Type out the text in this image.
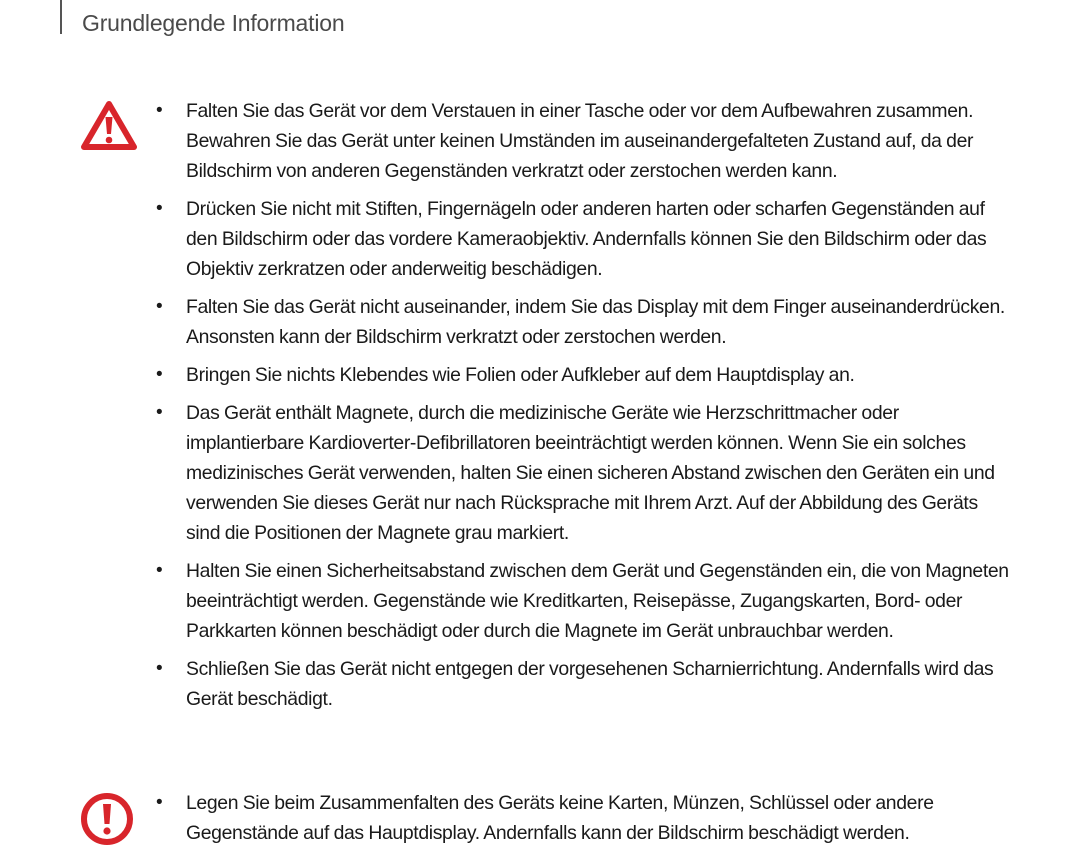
Grundlegende Information
• Falten Sie das Gerät vor dem Verstauen in einer Tasche oder vor dem Aufbewahren zusammen. Bewahren Sie das Gerät unter keinen Umständen im auseinandergefalteten Zustand auf, da der Bildschirm von anderen Gegenständen verkratzt oder zerstochen werden kann.
• Drücken Sie nicht mit Stiften, Fingernägeln oder anderen harten oder scharfen Gegenständen auf den Bildschirm oder das vordere Kameraobjektiv. Andernfalls können Sie den Bildschirm oder das Objektiv zerkratzen oder anderweitig beschädigen.
• Falten Sie das Gerät nicht auseinander, indem Sie das Display mit dem Finger auseinanderdrücken. Ansonsten kann der Bildschirm verkratzt oder zerstochen werden.
• Bringen Sie nichts Klebendes wie Folien oder Aufkleber auf dem Hauptdisplay an.
• Das Gerät enthält Magnete, durch die medizinische Geräte wie Herzschrittmacher oder implantierbare Kardioverter-Defibrillatoren beeinträchtigt werden können. Wenn Sie ein solches medizinisches Gerät verwenden, halten Sie einen sicheren Abstand zwischen den Geräten ein und verwenden Sie dieses Gerät nur nach Rücksprache mit Ihrem Arzt. Auf der Abbildung des Geräts sind die Positionen der Magnete grau markiert.
• Halten Sie einen Sicherheitsabstand zwischen dem Gerät und Gegenständen ein, die von Magneten beeinträchtigt werden. Gegenstände wie Kreditkarten, Reisepässe, Zugangskarten, Bord- oder Parkkarten können beschädigt oder durch die Magnete im Gerät unbrauchbar werden.
• Schließen Sie das Gerät nicht entgegen der vorgesehenen Scharnierrichtung. Andernfalls wird das Gerät beschädigt.
• Legen Sie beim Zusammenfalten des Geräts keine Karten, Münzen, Schlüssel oder andere Gegenstände auf das Hauptdisplay. Andernfalls kann der Bildschirm beschädigt werden.
